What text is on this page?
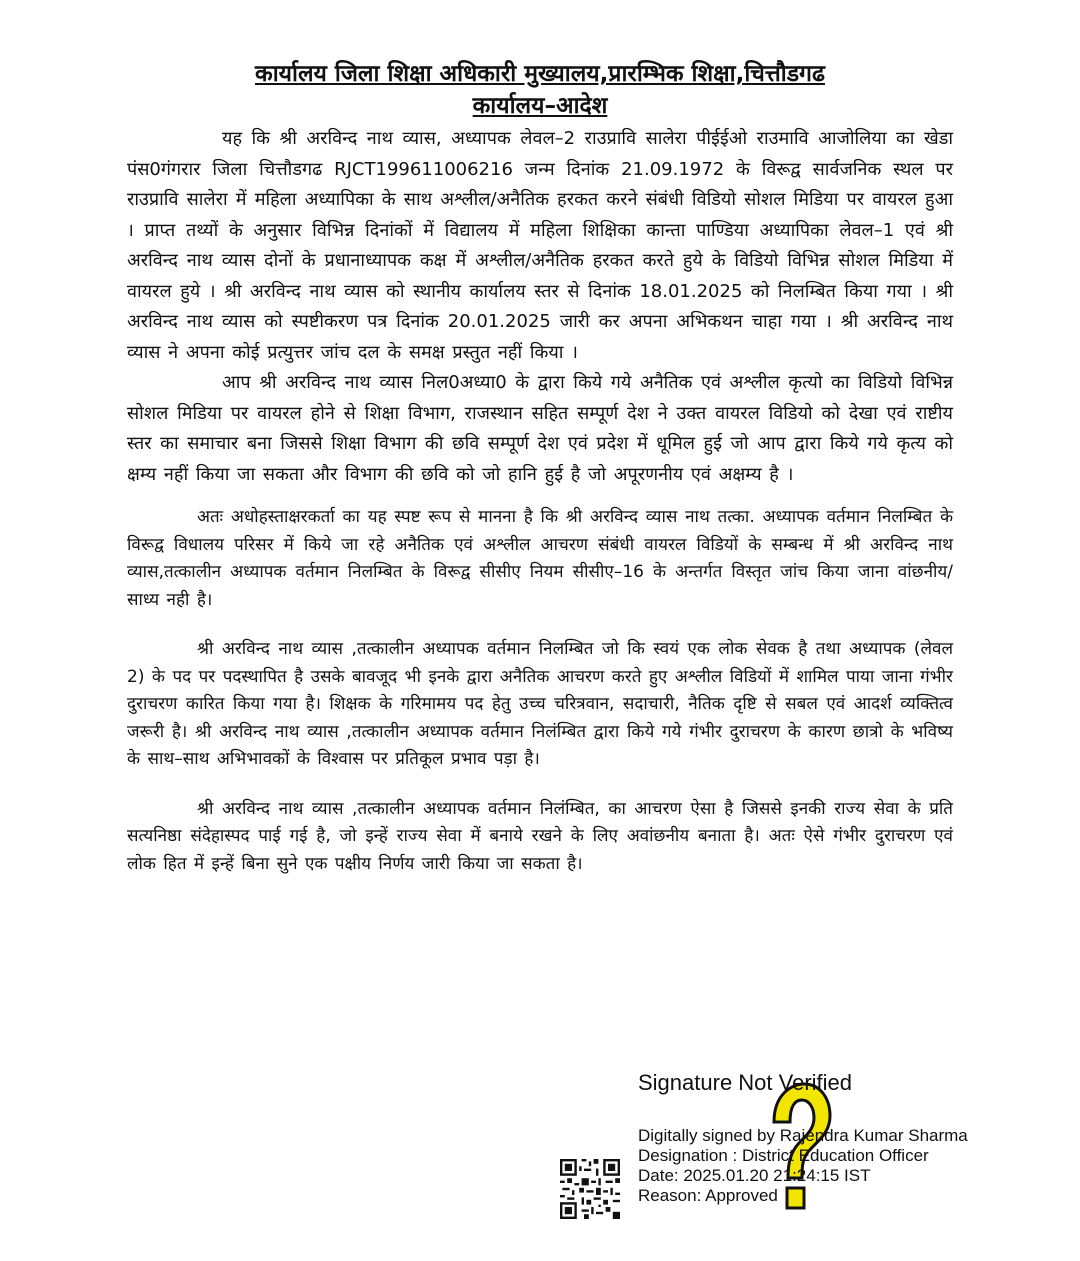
कार्यालय जिला शिक्षा अधिकारी मुख्यालय,प्रारम्भिक शिक्षा,चित्तौडगढ
कार्यालय–आदेश

यह कि श्री अरविन्द नाथ व्यास, अध्यापक लेवल–2 राउप्रावि सालेरा पीईईओ राउमावि आजोलिया का खेडा पंस0गंगरार जिला चित्तौडगढ RJCT199611006216 जन्म दिनांक 21.09.1972 के विरूद्व सार्वजनिक स्थल पर राउप्रावि सालेरा में महिला अध्यापिका के साथ अश्लील/अनैतिक हरकत करने संबंधी विडियो सोशल मिडिया पर वायरल हुआ । प्राप्त तथ्यों के अनुसार विभिन्न दिनांकों में विद्यालय में महिला शिक्षिका कान्ता पाण्डिया अध्यापिका लेवल–1 एवं श्री अरविन्द नाथ व्यास दोनों के प्रधानाध्यापक कक्ष में अश्लील/अनैतिक हरकत करते हुये के विडियो विभिन्न सोशल मिडिया में वायरल हुये । श्री अरविन्द नाथ व्यास को स्थानीय कार्यालय स्तर से दिनांक 18.01.2025 को निलम्बित किया गया । श्री अरविन्द नाथ व्यास को स्पष्टीकरण पत्र दिनांक 20.01.2025 जारी कर अपना अभिकथन चाहा गया । श्री अरविन्द नाथ व्यास ने अपना कोई प्रत्युत्तर जांच दल के समक्ष प्रस्तुत नहीं किया ।

आप श्री अरविन्द नाथ व्यास निल0अध्या0 के द्वारा किये गये अनैतिक एवं अश्लील कृत्यो का विडियो विभिन्न सोशल मिडिया पर वायरल होने से शिक्षा विभाग, राजस्थान सहित सम्पूर्ण देश ने उक्त वायरल विडियो को देखा एवं राष्टीय स्तर का समाचार बना जिससे शिक्षा विभाग की छवि सम्पूर्ण देश एवं प्रदेश में धूमिल हुई जो आप द्वारा किये गये कृत्य को क्षम्य नहीं किया जा सकता और विभाग की छवि को जो हानि हुई है जो अपूरणनीय एवं अक्षम्य है ।

अतः अधोहस्ताक्षरकर्ता का यह स्पष्ट रूप से मानना है कि श्री अरविन्द व्यास नाथ तत्का. अध्यापक वर्तमान निलम्बित के विरूद्व विधालय परिसर में किये जा रहे अनैतिक एवं अश्लील आचरण संबंधी वायरल विडियों के सम्बन्ध में श्री अरविन्द नाथ व्यास,तत्कालीन अध्यापक वर्तमान निलम्बित के विरूद्व सीसीए नियम सीसीए–16 के अन्तर्गत विस्तृत जांच किया जाना वांछनीय/साध्य नही है।

श्री अरविन्द नाथ व्यास ,तत्कालीन अध्यापक वर्तमान निलम्बित जो कि स्वयं एक लोक सेवक है तथा अध्यापक (लेवल 2) के पद पर पदस्थापित है उसके बावजूद भी इनके द्वारा अनैतिक आचरण करते हुए अश्लील विडियों में शामिल पाया जाना गंभीर दुराचरण कारित किया गया है। शिक्षक के गरिमामय पद हेतु उच्च चरित्रवान, सदाचारी, नैतिक दृष्टि से सबल एवं आदर्श व्यक्तित्व जरूरी है। श्री अरविन्द नाथ व्यास ,तत्कालीन अध्यापक वर्तमान निलंम्बित द्वारा किये गये गंभीर दुराचरण के कारण छात्रो के भविष्य के साथ–साथ अभिभावकों के विश्वास पर प्रतिकूल प्रभाव पड़ा है।

श्री अरविन्द नाथ व्यास ,तत्कालीन अध्यापक वर्तमान निलंम्बित, का आचरण ऐसा है जिससे इनकी राज्य सेवा के प्रति सत्यनिष्ठा संदेहास्पद पाई गई है, जो इन्हें राज्य सेवा में बनाये रखने के लिए अवांछनीय बनाता है। अतः ऐसे गंभीर दुराचरण एवं लोक हित में इन्हें बिना सुने एक पक्षीय निर्णय जारी किया जा सकता है।

Signature Not Verified
Digitally signed by Rajendra Kumar Sharma
Designation : District Education Officer
Date: 2025.01.20 21:24:15 IST
Reason: Approved
